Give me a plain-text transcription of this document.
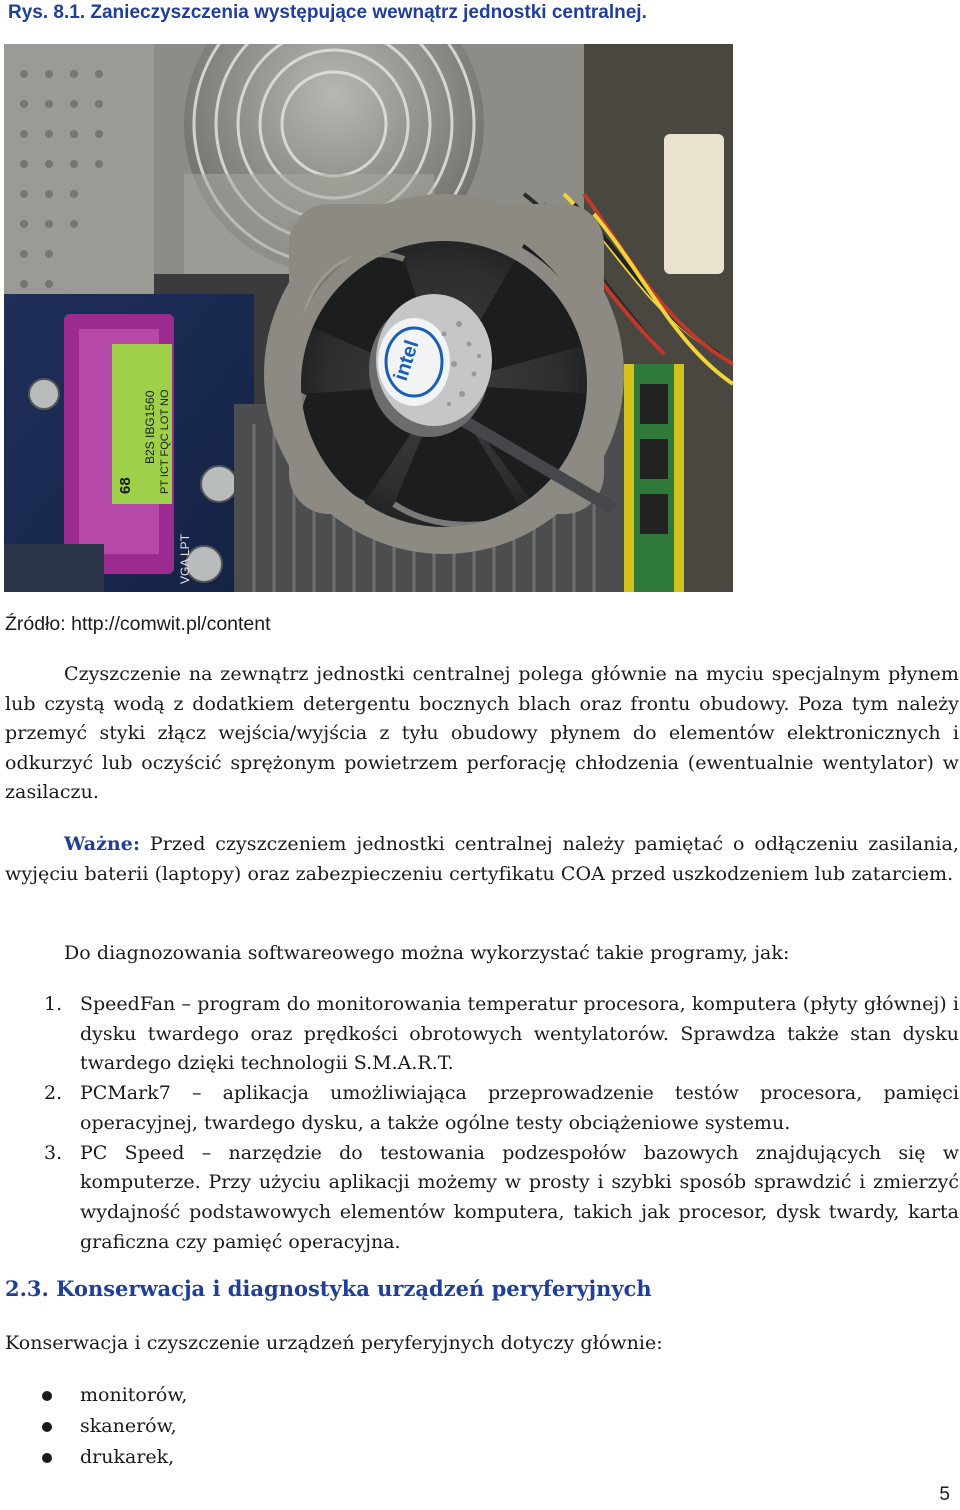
Rys. 8.1. Zanieczyszczenia występujące wewnątrz jednostki centralnej.

68
B2S IBG1560 PT ICT FQC LOT NO
VGA LPT
intel

Źródło: http://comwit.pl/content

Czyszczenie na zewnątrz jednostki centralnej polega głównie na myciu specjalnym płynem lub czystą wodą z dodatkiem detergentu bocznych blach oraz frontu obudowy. Poza tym należy przemyć styki złącz wejścia/wyjścia z tyłu obudowy płynem do elementów elektronicznych i odkurzyć lub oczyścić sprężonym powietrzem perforację chłodzenia (ewentualnie wentylator) w zasilaczu.

Ważne: Przed czyszczeniem jednostki centralnej należy pamiętać o odłączeniu zasilania, wyjęciu baterii (laptopy) oraz zabezpieczeniu certyfikatu COA przed uszkodzeniem lub zatarciem.

Do diagnozowania softwareowego można wykorzystać takie programy, jak:

1. SpeedFan – program do monitorowania temperatur procesora, komputera (płyty głównej) i dysku twardego oraz prędkości obrotowych wentylatorów. Sprawdza także stan dysku twardego dzięki technologii S.M.A.R.T.
2. PCMark7 – aplikacja umożliwiająca przeprowadzenie testów procesora, pamięci operacyjnej, twardego dysku, a także ogólne testy obciążeniowe systemu.
3. PC Speed – narzędzie do testowania podzespołów bazowych znajdujących się w komputerze. Przy użyciu aplikacji możemy w prosty i szybki sposób sprawdzić i zmierzyć wydajność podstawowych elementów komputera, takich jak procesor, dysk twardy, karta graficzna czy pamięć operacyjna.
2.3. Konserwacja i diagnostyka urządzeń peryferyjnych

Konserwacja i czyszczenie urządzeń peryferyjnych dotyczy głównie:

monitorów,
skanerów,
drukarek,

5
